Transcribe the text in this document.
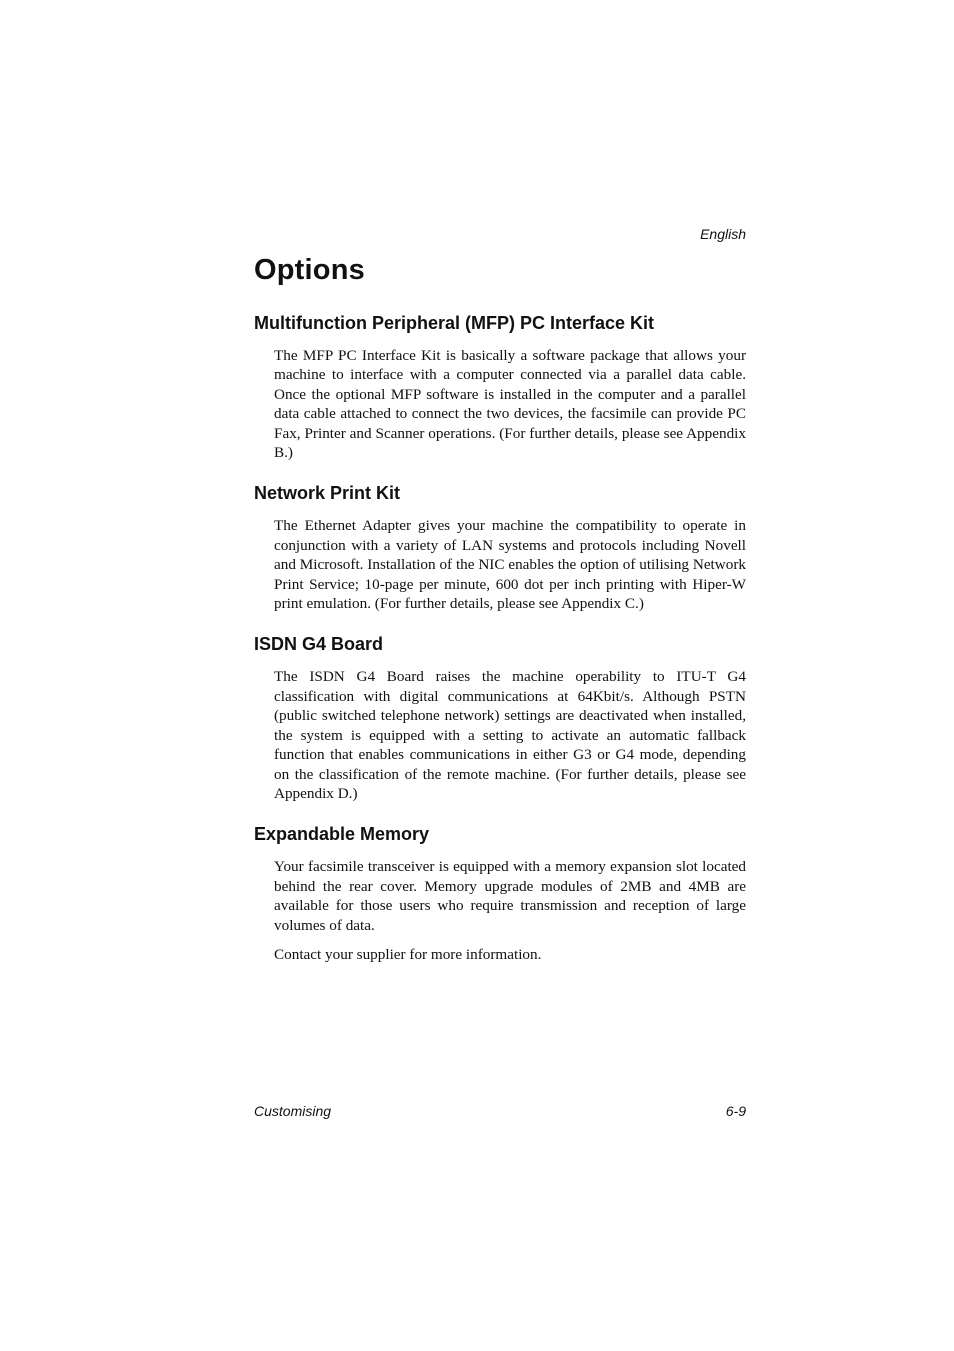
English
Options
Multifunction Peripheral (MFP) PC Interface Kit

The MFP PC Interface Kit is basically a software package that allows your machine to interface with a computer connected via a parallel data cable. Once the optional MFP software is installed in the computer and a parallel data cable attached to connect the two devices, the facsimile can provide PC Fax, Printer and Scanner operations. (For further details, please see Appendix B.)

Network Print Kit

The Ethernet Adapter gives your machine the compatibility to operate in conjunction with a variety of LAN systems and protocols including Novell and Microsoft. Installation of the NIC enables the option of utilising Network Print Service; 10-page per minute, 600 dot per inch printing with Hiper-W print emulation. (For further details, please see Appendix C.)

ISDN G4 Board

The ISDN G4 Board raises the machine operability to ITU-T G4 classification with digital communications at 64Kbit/s. Although PSTN (public switched telephone network) settings are deactivated when installed, the system is equipped with a setting to activate an automatic fallback function that enables communications in either G3 or G4 mode, depending on the classification of the remote machine. (For further details, please see Appendix D.)

Expandable Memory

Your facsimile transceiver is equipped with a memory expansion slot located behind the rear cover. Memory upgrade modules of 2MB and 4MB are available for those users who require transmission and reception of large volumes of data.

Contact your supplier for more information.

Customising	6-9
